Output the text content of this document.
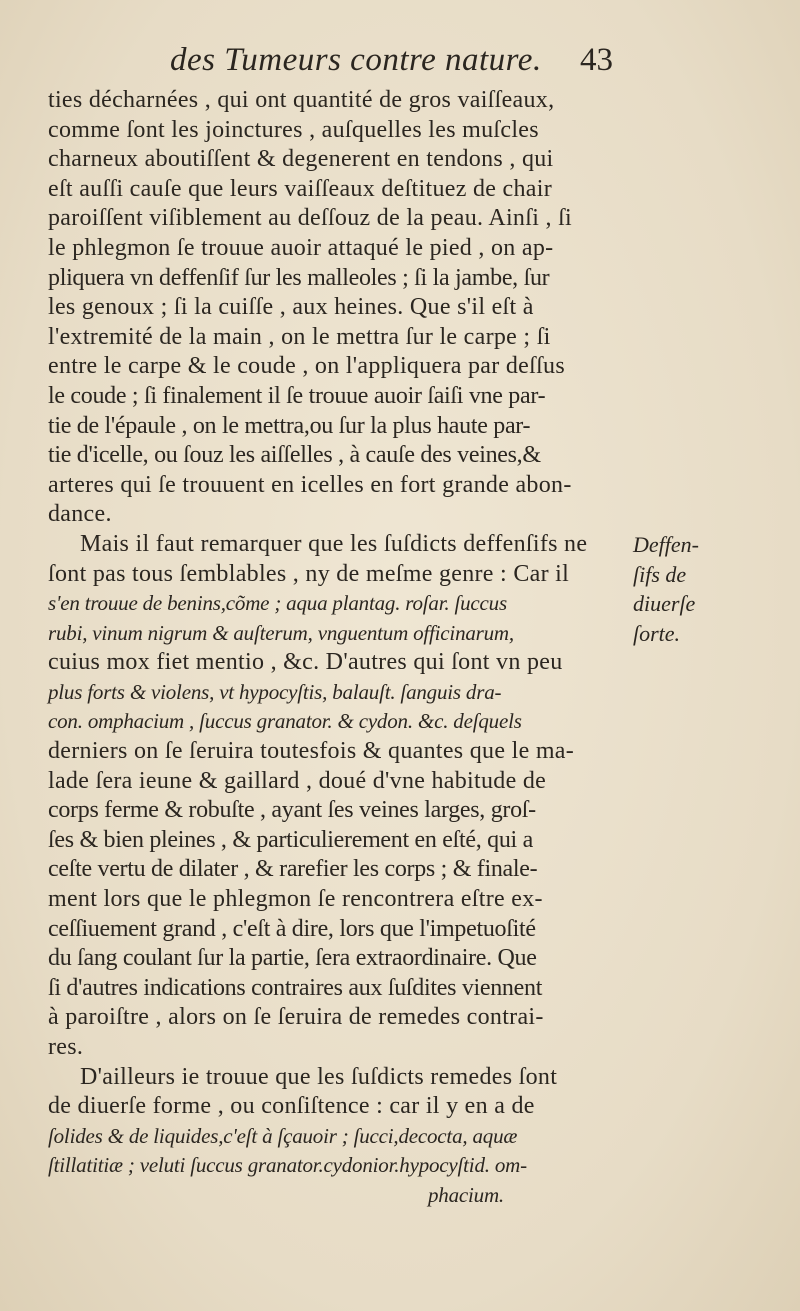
des Tumeurs contre nature. 43
ties décharnées , qui ont quantité de gros vaiſſeaux,
comme ſont les joinctures , auſquelles les muſcles
charneux aboutiſſent & degenerent en tendons , qui
eſt auſſi cauſe que leurs vaiſſeaux deſtituez de chair
paroiſſent viſiblement au deſſouz de la peau. Ainſi , ſi
le phlegmon ſe trouue auoir attaqué le pied , on ap-
pliquera vn deffenſif ſur les malleoles ; ſi la jambe, ſur
les genoux ; ſi la cuiſſe , aux heines. Que s'il eſt à
l'extremité de la main , on le mettra ſur le carpe ; ſi
entre le carpe & le coude , on l'appliquera par deſſus
le coude ; ſi finalement il ſe trouue auoir ſaiſi vne par-
tie de l'épaule , on le mettra,ou ſur la plus haute par-
tie d'icelle, ou ſouz les aiſſelles , à cauſe des veines,&
arteres qui ſe trouuent en icelles en fort grande abon-
dance.
Mais il faut remarquer que les ſuſdicts deffenſifs ne
ſont pas tous ſemblables , ny de meſme genre : Car il
s'en trouue de benins,cõme ; aqua plantag. roſar. ſuccus
rubi, vinum nigrum & auſterum, vnguentum officinarum,
cuius mox fiet mentio , &c. D'autres qui ſont vn peu
plus forts & violens, vt hypocyſtis, balauſt. ſanguis dra-
con. omphacium , ſuccus granator. & cydon. &c. deſquels
derniers on ſe ſeruira toutesfois & quantes que le ma-
lade ſera ieune & gaillard , doué d'vne habitude de
corps ferme & robuſte , ayant ſes veines larges, groſ-
ſes & bien pleines , & particulierement en eſté, qui a
ceſte vertu de dilater , & rarefier les corps ; & finale-
ment lors que le phlegmon ſe rencontrera eſtre ex-
ceſſiuement grand , c'eſt à dire, lors que l'impetuoſité
du ſang coulant ſur la partie, ſera extraordinaire. Que
ſi d'autres indications contraires aux ſuſdites viennent
à paroiſtre , alors on ſe ſeruira de remedes contrai-
res.
D'ailleurs ie trouue que les ſuſdicts remedes ſont
de diuerſe forme , ou conſiſtence : car il y en a de
ſolides & de liquides,c'eſt à ſçauoir ; ſucci,decocta, aquæ
ſtillatitiæ ; veluti ſuccus granator.cydonior.hypocyſtid. om-
phacium.
Deffen-
ſifs de
diuerſe
ſorte.
